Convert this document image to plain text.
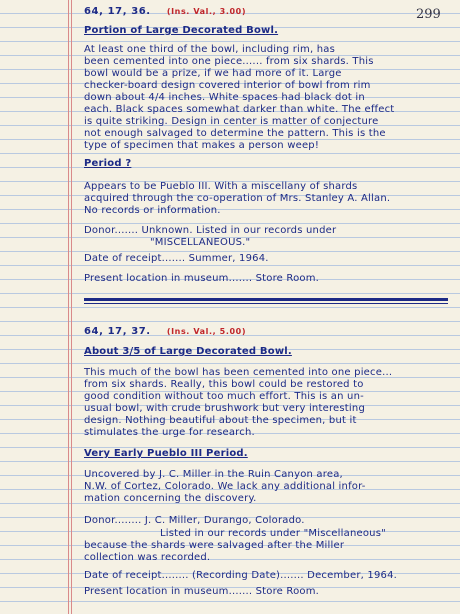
299
64, 17, 36. (Ins. Val., 3.00)
Portion of Large Decorated Bowl.
At least one third of the bowl, including rim, has
been cemented into one piece...... from six shards. This
bowl would be a prize, if we had more of it. Large
checker-board design covered interior of bowl from rim
down about 4/4 inches. White spaces had black dot in
each. Black spaces somewhat darker than white. The effect
is quite striking. Design in center is matter of conjecture
not enough salvaged to determine the pattern. This is the
type of specimen that makes a person weep!
Period ?
Appears to be Pueblo III. With a miscellany of shards
acquired through the co-operation of Mrs. Stanley A. Allan.
No records or information.
Donor....... Unknown. Listed in our records under
"MISCELLANEOUS."
Date of receipt....... Summer, 1964.
Present location in museum....... Store Room.
64, 17, 37. (Ins. Val., 5.00)
About 3/5 of Large Decorated Bowl.
This much of the bowl has been cemented into one piece...
from six shards. Really, this bowl could be restored to
good condition without too much effort. This is an un-
usual bowl, with crude brushwork but very interesting
design. Nothing beautiful about the specimen, but it
stimulates the urge for research.
Very Early Pueblo III Period.
Uncovered by J. C. Miller in the Ruin Canyon area,
N.W. of Cortez, Colorado. We lack any additional infor-
mation concerning the discovery.
Donor........ J. C. Miller, Durango, Colorado.
Listed in our records under "Miscellaneous"
because the shards were salvaged after the Miller
collection was recorded.
Date of receipt........ (Recording Date)....... December, 1964.
Present location in museum....... Store Room.
